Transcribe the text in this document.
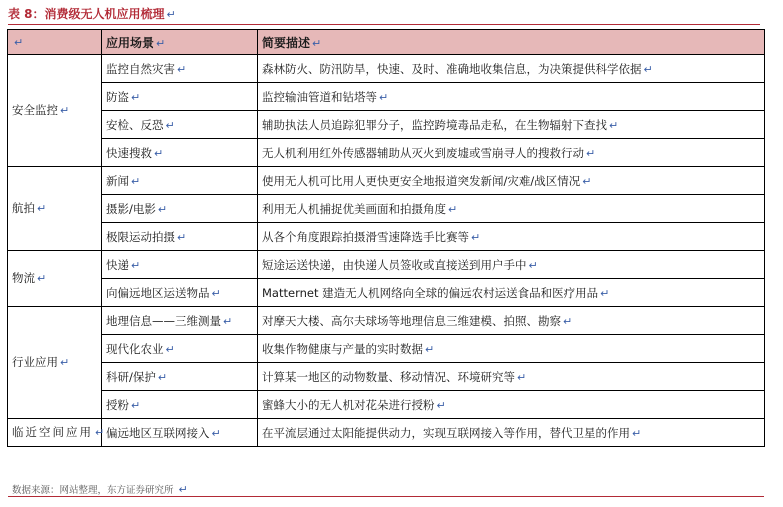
表 8：消费级无人机应用梳理 ↵
↵	应用场景 ↵	简要描述 ↵
安全监控 ↵	监控自然灾害 ↵	森林防火、防汛防旱，快速、及时、准确地收集信息，为决策提供科学依据 ↵
	防盗 ↵	监控输油管道和钻塔等 ↵
	安检、反恐 ↵	辅助执法人员追踪犯罪分子，监控跨境毒品走私，在生物辐射下查找 ↵
	快速搜救 ↵	无人机利用红外传感器辅助从灭火到废墟或雪崩寻人的搜救行动 ↵
航拍 ↵	新闻 ↵	使用无人机可比用人更快更安全地报道突发新闻/灾难/战区情况 ↵
	摄影/电影 ↵	利用无人机捕捉优美画面和拍摄角度 ↵
	极限运动拍摄 ↵	从各个角度跟踪拍摄滑雪速降选手比赛等 ↵
物流 ↵	快递 ↵	短途运送快递，由快递人员签收或直接送到用户手中 ↵
	向偏远地区运送物品 ↵	Matternet 建造无人机网络向全球的偏远农村运送食品和医疗用品 ↵
行业应用 ↵	地理信息——三维测量 ↵	对摩天大楼、高尔夫球场等地理信息三维建模、拍照、勘察 ↵
	现代化农业 ↵	收集作物健康与产量的实时数据 ↵
	科研/保护 ↵	计算某一地区的动物数量、移动情况、环境研究等 ↵
	授粉 ↵	蜜蜂大小的无人机对花朵进行授粉 ↵
临近空间应用 ↵	偏远地区互联网接入 ↵	在平流层通过太阳能提供动力，实现互联网接入等作用，替代卫星的作用 ↵
数据来源：网站整理，东方证券研究所 ↵
